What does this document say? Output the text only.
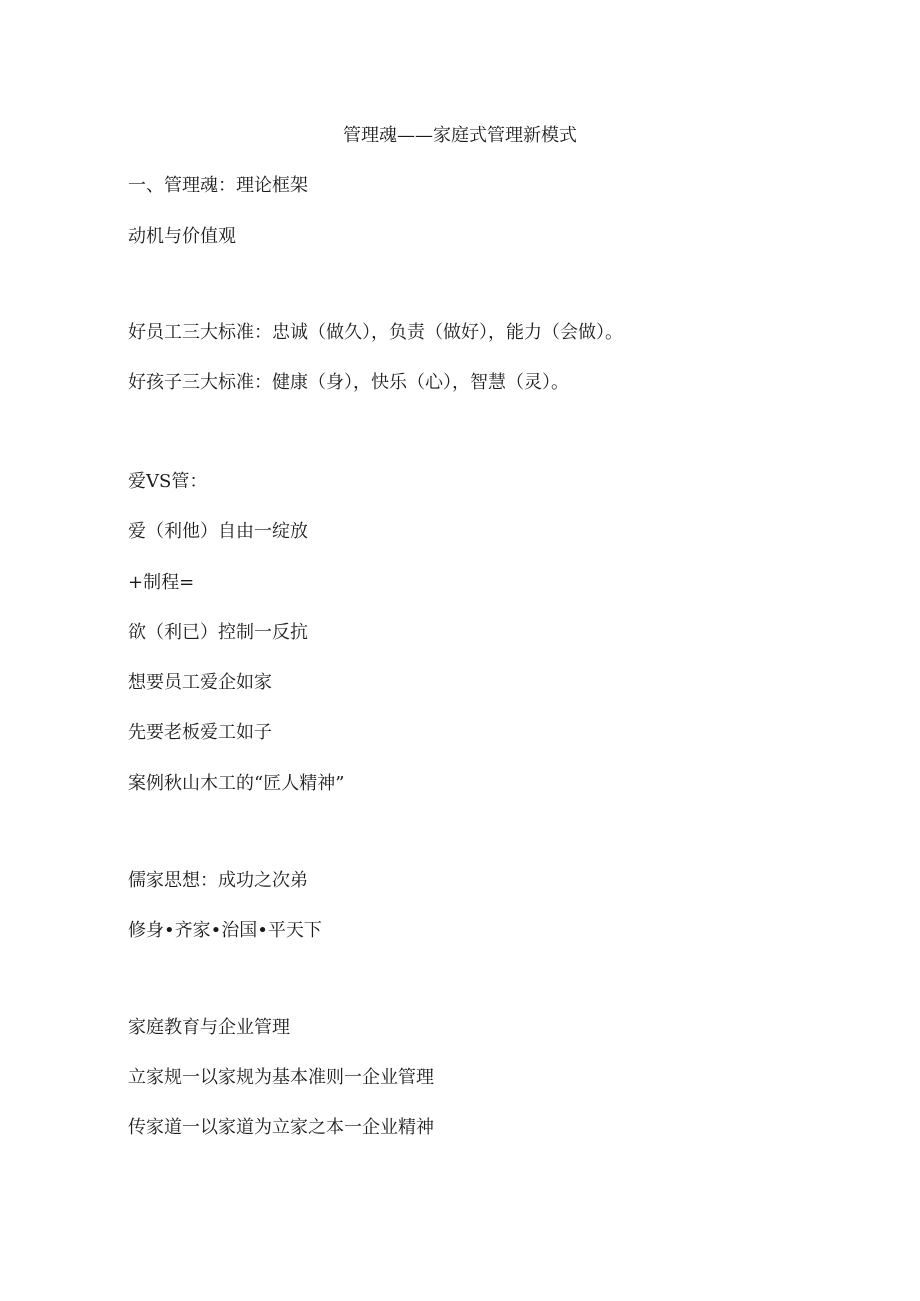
管理魂——家庭式管理新模式
一、管理魂：理论框架
动机与价值观
好员工三大标准：忠诚（做久），负责（做好），能力（会做）。
好孩子三大标准：健康（身），快乐（心），智慧（灵）。
爱VS管：
爱（利他）自由一绽放
+制程=
欲（利已）控制一反抗
想要员工爱企如家
先要老板爱工如子
案例秋山木工的“匠人精神”
儒家思想：成功之次弟
修身•齐家•治国•平天下
家庭教育与企业管理
立家规一以家规为基本准则一企业管理
传家道一以家道为立家之本一企业精神
